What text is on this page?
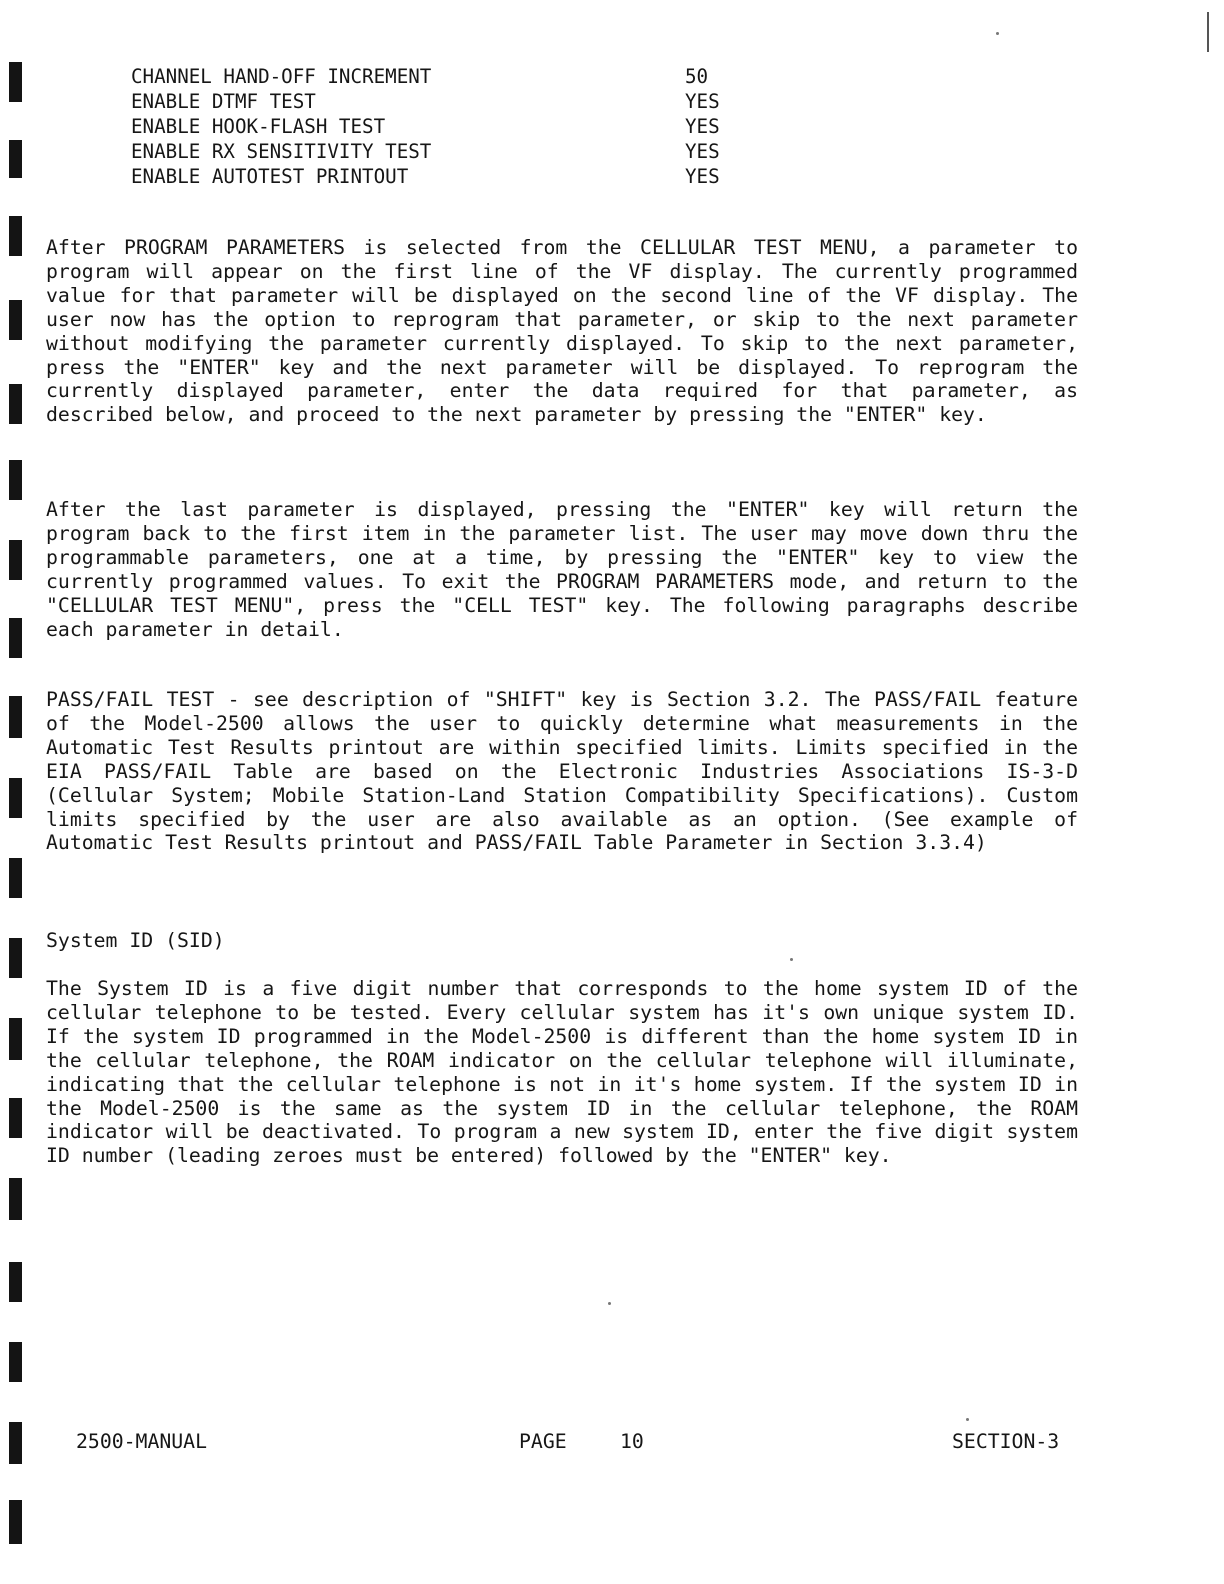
CHANNEL HAND-OFF INCREMENT	50
ENABLE DTMF TEST	YES
ENABLE HOOK-FLASH TEST	YES
ENABLE RX SENSITIVITY TEST	YES
ENABLE AUTOTEST PRINTOUT	YES

After PROGRAM PARAMETERS is selected from the CELLULAR TEST MENU, a parameter to program will appear on the first line of the VF display. The currently programmed value for that parameter will be displayed on the second line of the VF display. The user now has the option to reprogram that parameter, or skip to the next parameter without modifying the parameter currently displayed. To skip to the next parameter, press the "ENTER" key and the next parameter will be displayed. To reprogram the currently displayed parameter, enter the data required for that parameter, as described below, and proceed to the next parameter by pressing the "ENTER" key.

After the last parameter is displayed, pressing the "ENTER" key will return the program back to the first item in the parameter list. The user may move down thru the programmable parameters, one at a time, by pressing the "ENTER" key to view the currently programmed values. To exit the PROGRAM PARAMETERS mode, and return to the "CELLULAR TEST MENU", press the "CELL TEST" key. The following paragraphs describe each parameter in detail.

PASS/FAIL TEST - see description of "SHIFT" key is Section 3.2. The PASS/FAIL feature of the Model-2500 allows the user to quickly determine what measurements in the Automatic Test Results printout are within specified limits. Limits specified in the EIA PASS/FAIL Table are based on the Electronic Industries Associations IS-3-D (Cellular System; Mobile Station-Land Station Compatibility Specifications). Custom limits specified by the user are also available as an option. (See example of Automatic Test Results printout and PASS/FAIL Table Parameter in Section 3.3.4)

System ID (SID)

The System ID is a five digit number that corresponds to the home system ID of the cellular telephone to be tested. Every cellular system has it's own unique system ID. If the system ID programmed in the Model-2500 is different than the home system ID in the cellular telephone, the ROAM indicator on the cellular telephone will illuminate, indicating that the cellular telephone is not in it's home system. If the system ID in the Model-2500 is the same as the system ID in the cellular telephone, the ROAM indicator will be deactivated. To program a new system ID, enter the five digit system ID number (leading zeroes must be entered) followed by the "ENTER" key.

2500-MANUAL	PAGE	10	SECTION-3
